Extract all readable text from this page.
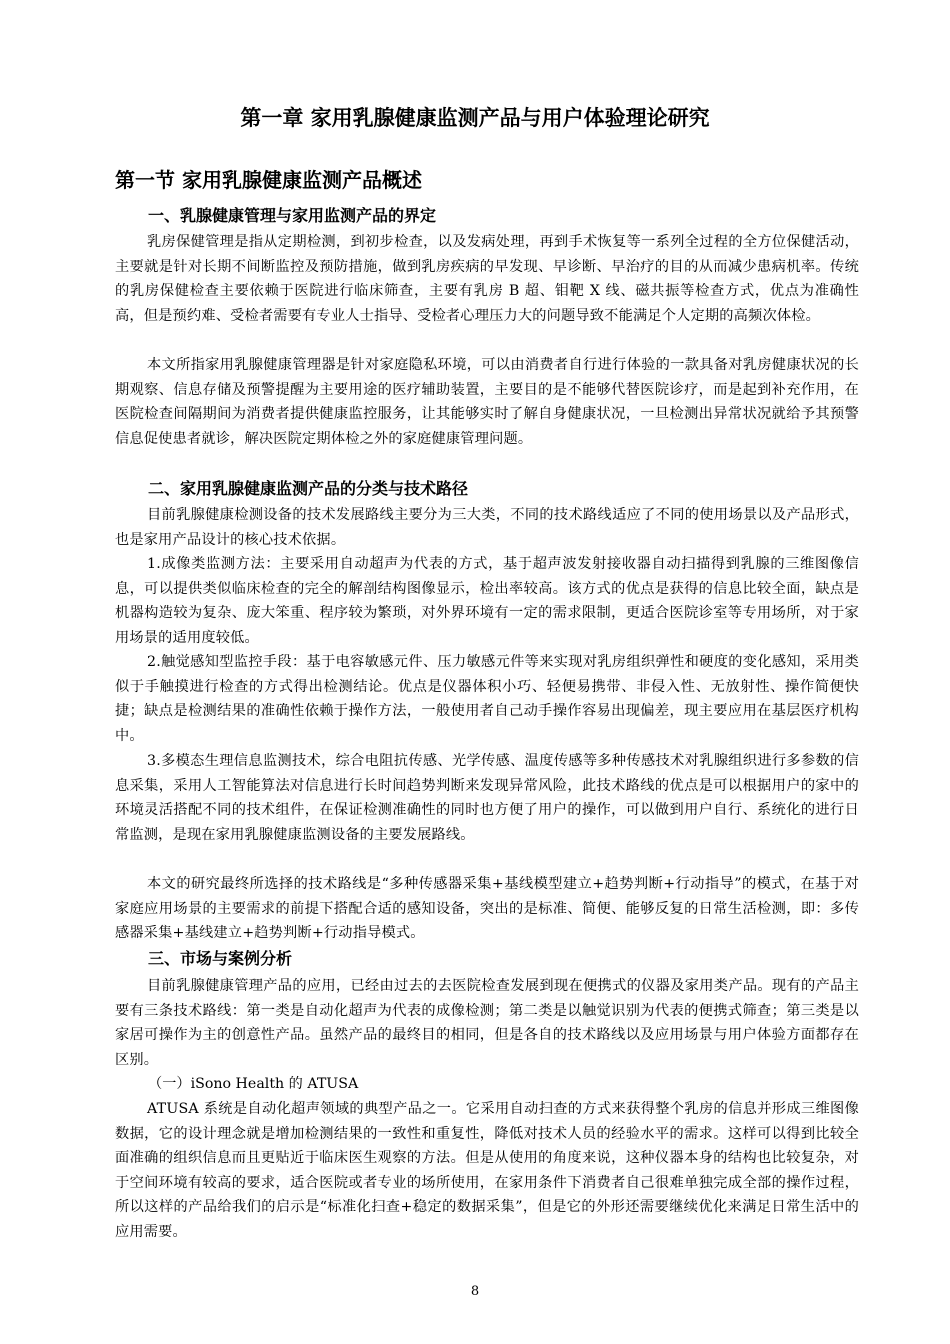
第一章 家用乳腺健康监测产品与用户体验理论研究
第一节 家用乳腺健康监测产品概述
一、乳腺健康管理与家用监测产品的界定

乳房保健管理是指从定期检测，到初步检查，以及发病处理，再到手术恢复等一系列全过程的全方位保健活动，主要就是针对长期不间断监控及预防措施，做到乳房疾病的早发现、早诊断、早治疗的目的从而减少患病机率。传统的乳房保健检查主要依赖于医院进行临床筛查，主要有乳房 B 超、钼靶 X 线、磁共振等检查方式，优点为准确性高，但是预约难、受检者需要有专业人士指导、受检者心理压力大的问题导致不能满足个人定期的高频次体检。

本文所指家用乳腺健康管理器是针对家庭隐私环境，可以由消费者自行进行体验的一款具备对乳房健康状况的长期观察、信息存储及预警提醒为主要用途的医疗辅助装置，主要目的是不能够代替医院诊疗，而是起到补充作用，在医院检查间隔期间为消费者提供健康监控服务，让其能够实时了解自身健康状况，一旦检测出异常状况就给予其预警信息促使患者就诊，解决医院定期体检之外的家庭健康管理问题。

二、家用乳腺健康监测产品的分类与技术路径

目前乳腺健康检测设备的技术发展路线主要分为三大类，不同的技术路线适应了不同的使用场景以及产品形式，也是家用产品设计的核心技术依据。

1.成像类监测方法：主要采用自动超声为代表的方式，基于超声波发射接收器自动扫描得到乳腺的三维图像信息，可以提供类似临床检查的完全的解剖结构图像显示，检出率较高。该方式的优点是获得的信息比较全面，缺点是机器构造较为复杂、庞大笨重、程序较为繁琐，对外界环境有一定的需求限制，更适合医院诊室等专用场所，对于家用场景的适用度较低。

2.触觉感知型监控手段：基于电容敏感元件、压力敏感元件等来实现对乳房组织弹性和硬度的变化感知，采用类似于手触摸进行检查的方式得出检测结论。优点是仪器体积小巧、轻便易携带、非侵入性、无放射性、操作简便快捷；缺点是检测结果的准确性依赖于操作方法，一般使用者自己动手操作容易出现偏差，现主要应用在基层医疗机构中。

3.多模态生理信息监测技术，综合电阻抗传感、光学传感、温度传感等多种传感技术对乳腺组织进行多参数的信息采集，采用人工智能算法对信息进行长时间趋势判断来发现异常风险，此技术路线的优点是可以根据用户的家中的环境灵活搭配不同的技术组件，在保证检测准确性的同时也方便了用户的操作，可以做到用户自行、系统化的进行日常监测，是现在家用乳腺健康监测设备的主要发展路线。

本文的研究最终所选择的技术路线是“多种传感器采集+基线模型建立+趋势判断+行动指导”的模式，在基于对家庭应用场景的主要需求的前提下搭配合适的感知设备，突出的是标准、简便、能够反复的日常生活检测，即：多传感器采集+基线建立+趋势判断+行动指导模式。

三、市场与案例分析

目前乳腺健康管理产品的应用，已经由过去的去医院检查发展到现在便携式的仪器及家用类产品。现有的产品主要有三条技术路线：第一类是自动化超声为代表的成像检测；第二类是以触觉识别为代表的便携式筛查；第三类是以家居可操作为主的创意性产品。虽然产品的最终目的相同，但是各自的技术路线以及应用场景与用户体验方面都存在区别。

（一）iSono Health 的 ATUSA

ATUSA 系统是自动化超声领域的典型产品之一。它采用自动扫查的方式来获得整个乳房的信息并形成三维图像数据，它的设计理念就是增加检测结果的一致性和重复性，降低对技术人员的经验水平的需求。这样可以得到比较全面准确的组织信息而且更贴近于临床医生观察的方法。但是从使用的角度来说，这种仪器本身的结构也比较复杂，对于空间环境有较高的要求，适合医院或者专业的场所使用，在家用条件下消费者自己很难单独完成全部的操作过程，所以这样的产品给我们的启示是“标准化扫查+稳定的数据采集”，但是它的外形还需要继续优化来满足日常生活中的应用需要。

8
